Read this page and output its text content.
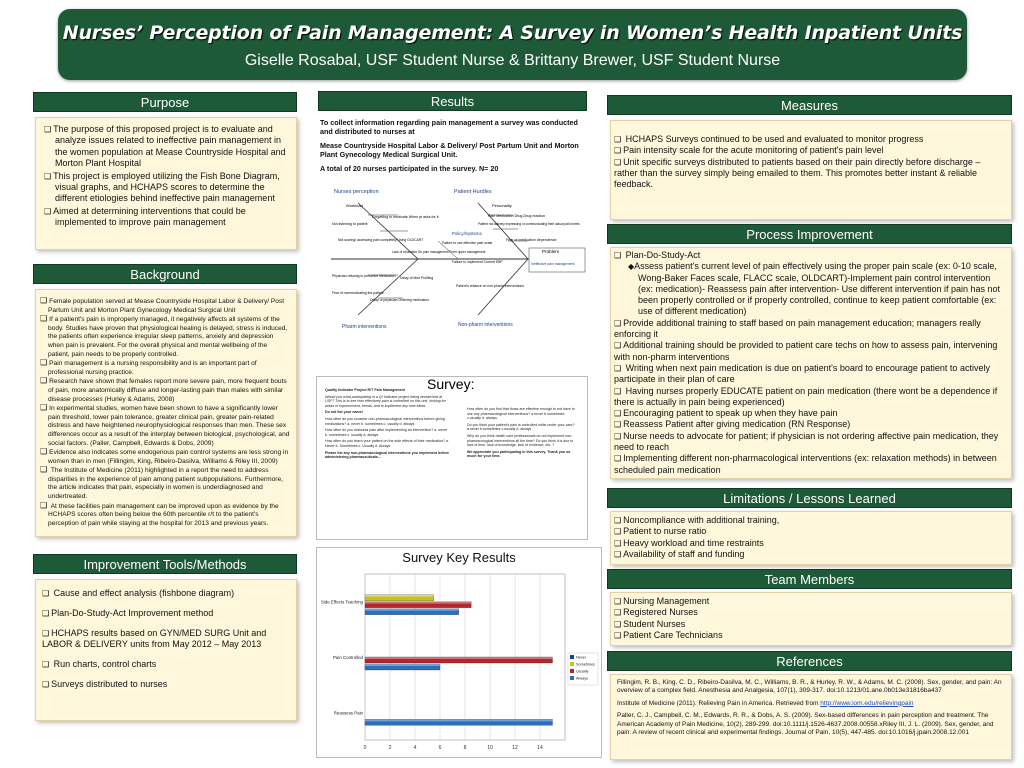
Nurses’ Perception of Pain Management: A Survey in Women’s Health Inpatient Units
Giselle Rosabal, USF Student Nurse & Brittany Brewer, USF Student Nurse
Purpose
❑ The purpose of this proposed project is to evaluate and analyze issues related to ineffective pain management in the women population at Mease Countryside Hospital and Morton Plant Hospital
❑ This project is employed utilizing the Fish Bone Diagram, visual graphs, and HCHAPS scores to determine the different etiologies behind ineffective pain management
❑ Aimed at determining interventions that could be implemented to improve pain management
Background
❑ Female population served at Mease Countryside Hospital Labor & Delivery/ Post Partum Unit and Morton Plant Gynecology Medical Surgical Unit
❑ If a patient's pain is improperly managed, it negatively affects all systems of the body. Studies have proven that physiological healing is delayed, stress is induced, the patients often experience irregular sleep patterns, anxiety and depression when pain is prevalent. For the overall physical and mental wellbeing of the patient, pain needs to be properly controlled.
❑ Pain management is a nursing responsibility and is an important part of professional nursing practice.
❑ Research have shown that females report more severe pain, more frequent bouts of pain, more anatomically diffuse and longer-lasting pain than males with similar disease processes (Hurley & Adams, 2008)
❑ In experimental studies, women have been shown to have a significantly lower pain threshold, lower pain tolerance, greater clinical pain, greater pain-related distress and have heightened neurophysiological responses than men. These sex differences occur as a result of the interplay between biological, psychological, and social factors. (Paller, Campbell, Edwards & Dobs, 2009)
❑ Evidence also indicates some endogenous pain control systems are less strong in women than in men (Fillingim, King, Ribeiro-Dasilva, Williams & Riley III, 2009)
❑ The Institute of Medicine (2011) highlighted in a report the need to address disparities in the experience of pain among patient subpopulations. Furthermore, the article indicates that pain, especially in women is underdiagnosed and undertreated.
❑ At these facilities pain management can be improved upon as evidence by the HCHAPS scores often being below the 60th percentile r/t to the patient's perception of pain while staying at the hospital for 2013 and previous years.
Improvement Tools/Methods
❑ Cause and effect analysis (fishbone diagram)
❑ Plan-Do-Study-Act Improvement method
❑ HCHAPS results based on GYN/MED SURG Unit and LABOR & DELIVERY units from May 2012 – May 2013
❑ Run charts, control charts
❑ Surveys distributed to nurses
Results

To collect information regarding pain management a survey was conducted and distributed to nurses at

Mease Countryside Hospital Labor & Delivery/ Post Partum Unit and Morton Plant Gynecology Medical Surgical Unit.

A total of 20 nurses participated in the survey. N= 20

Nurses perception	Patient Hurdles
Workload	Personality
Forgetting to medicate When pt asks for it
Not listening to patient
Not scoring/ accessing pain completely Using OLDCART
Pain Medication Drug-Drug reaction
Patient not actively expressing or communicating their actual pain levels
Fear of medication dependence
Policy/Systems
Lack of education On pain management From upper management
Failure to use effective pain scale
Failure to implement Current EBP
Problem
Ineffective pain management
Physician refusing to prescribe Medication Delay of Med Profiling
Fear of overmedicating the patient
Delay of physician Ordering medication
Patient's reliance on non-pharm interventions
Pharm interventions	Non-pharm interventions
Survey:

Quality Indicator Project R/T Pain Management

Would you mind participating in a QI Indicator project being researched at USF? This is to see how effectively pain is controlled on this unit, looking for areas of improvement, trends, and to implement any new ideas.

Do not list your name!

How often do you consider non-pharmacological interventions before giving medications? a. never b. sometimes c. usually d. always

How often do you reassess pain after implementing an intervention? a. never b. sometimes c. usually d. always

How often do you teach your patient on the side effects of their medication? a. Never b. Sometimes c. Usually d. Always

Please list any non-pharmacological interventions you implement before administering pharmaceuticals...

How often do you find that those are effective enough to not have to use any pharmacological interventions? a.never b.sometimes c.usually d. always

Do you think your patient's pain is controlled while under your care? a.never b.sometimes c.usually d. always

Why do you think health care professionals do not implement non-pharmacological interventions all the time? Do you think it is due to lack of time, lack of knowledge, lack of evidence, etc..?

We appreciate you participating in this survey. Thank you so much for your time.

Survey Key Results
0	2	4	6	8	10	12	14
Side Effects Teaching
Pain Controlled
Reassess Pain
Never
Sometimes
Usually
Always
Measures
❑ HCHAPS Surveys continued to be used and evaluated to monitor progress
❑ Pain intensity scale for the acute monitoring of patient's pain level
❑ Unit specific surveys distributed to patients based on their pain directly before discharge – rather than the survey simply being emailed to them. This promotes better instant & reliable feedback.
Process Improvement
❑ Plan-Do-Study-Act
◆ Assess patient's current level of pain effectively using the proper pain scale (ex: 0-10 scale, Wong-Baker Faces scale, FLACC scale, OLDCART)-Implement pain control intervention (ex: medication)- Reassess pain after intervention- Use different intervention if pain has not been properly controlled or if properly controlled, continue to keep patient comfortable (ex: use of different medication)
❑ Provide additional training to staff based on pain management education; managers really enforcing it
❑ Additional training should be provided to patient care techs on how to assess pain, intervening with non-pharm interventions
❑ Writing when next pain medication is due on patient's board to encourage patient to actively participate in their plan of care
❑ Having nurses properly EDUCATE patient on pain medication (there wont be a dependence if there is actually in pain being experienced)
❑ Encouraging patient to speak up when they have pain
❑ Reassess Patient after giving medication (RN Response)
❑ Nurse needs to advocate for patient; if physician is not ordering affective pain medication, they need to reach
❑ Implementing different non-pharmacological interventions (ex: relaxation methods) in between scheduled pain medication
Limitations / Lessons Learned
❑ Noncompliance with additional training,
❑ Patient to nurse ratio
❑ Heavy workload and time restraints
❑ Availability of staff and funding
Team Members
❑ Nursing Management
❑ Registered Nurses
❑ Student Nurses
❑ Patient Care Technicians
References

Fillingim, R. B., King, C. D., Ribeiro-Dasilva, M. C., Williams, B. R., & Hurley, R. W., & Adams, M. C. (2008). Sex, gender, and pain: An overview of a complex field. Anesthesia and Analgesia, 107(1), 309-317. doi:10.1213/01.ane.0b013e31816ba437

Institute of Medicine (2011). Relieving Pain in America. Retrieved from http://www.iom.edu/relievingpain

Paller, C. J., Campbell, C. M., Edwards, R. R., & Dobs, A. S. (2009). Sex-based differences in pain perception and treatment. The American Academy of Pain Medicine, 10(2), 289-299. doi:10.1111/j.1526-4637.2008.00558.xRiley III, J. L. (2009). Sex, gender, and pain: A review of recent clinical and experimental findings. Journal of Pain, 10(5), 447-485. doi:10.1016/j.jpain.2008.12.001
